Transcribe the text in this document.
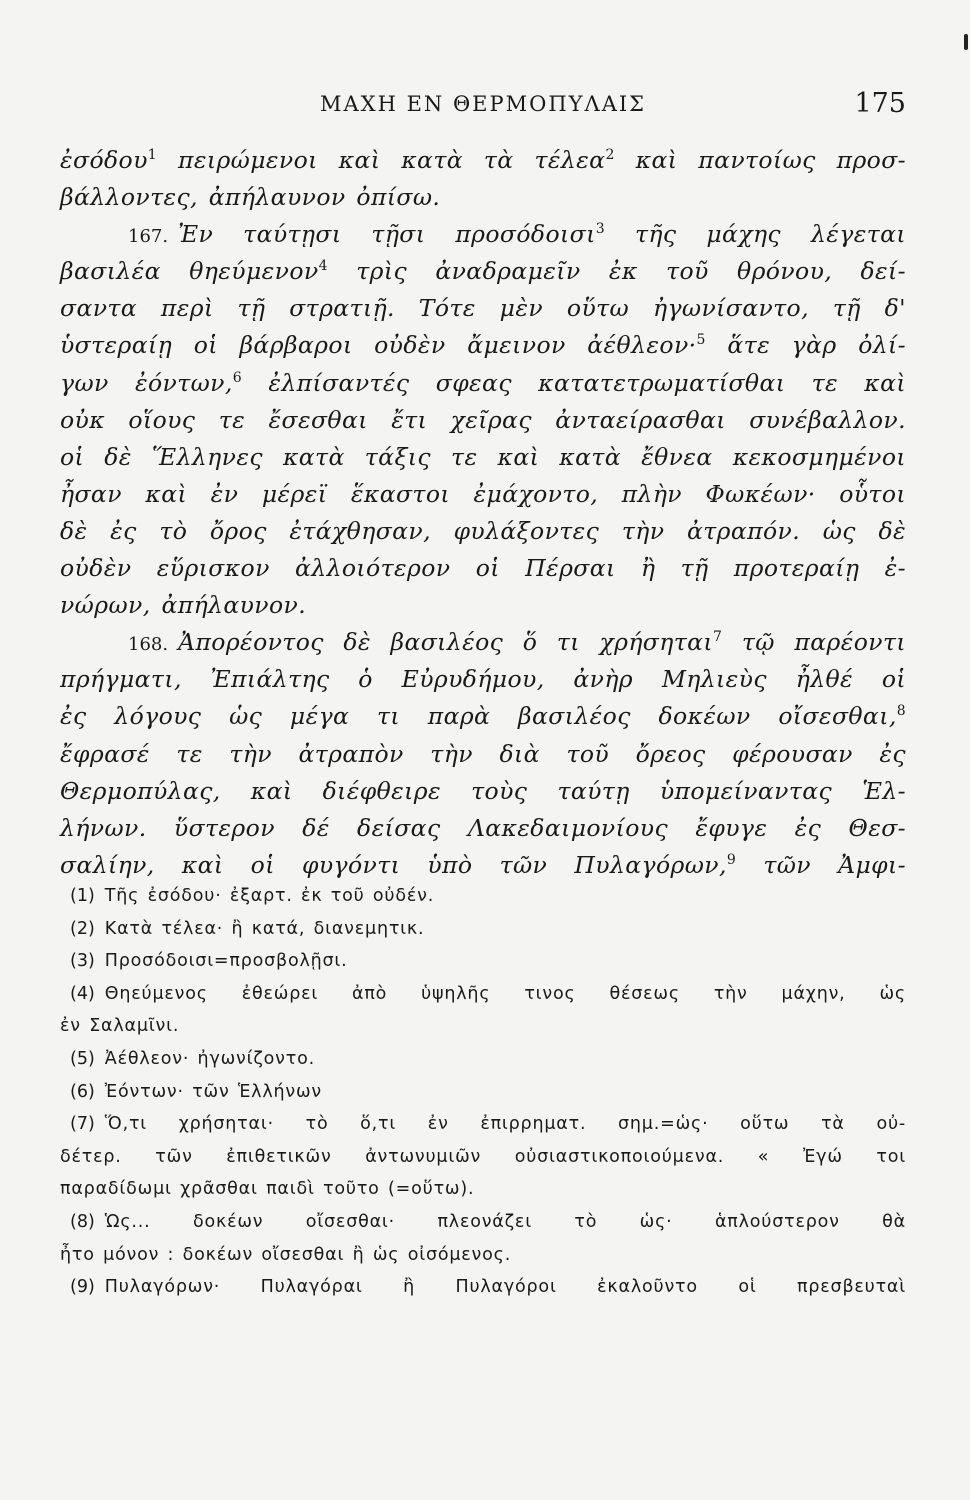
ΜΑΧΗ ΕΝ ΘΕΡΜΟΠΥΛΑΙΣ	175
ἐσόδου$^1$ πειρώμενοι καὶ κατὰ τὰ τέλεα$^2$ καὶ παντοίως προσ-
βάλλοντες, ἀπήλαυνον ὀπίσω.
167. Ἐν ταύτῃσι τῇσι προσόδοισι$^3$ τῆς μάχης λέγεται
βασιλέα θηεύμενον$^4$ τρὶς ἀναδραμεῖν ἐκ τοῦ θρόνου, δεί-
σαντα περὶ τῇ στρατιῇ. Τότε μὲν οὕτω ἠγωνίσαντο, τῇ δ'
ὑστεραίῃ οἱ βάρβαροι οὐδὲν ἄμεινον ἀέθλεον·$^5$ ἅτε γὰρ ὀλί-
γων ἐόντων,$^6$ ἐλπίσαντές σφεας κατατετρωματίσθαι τε καὶ
οὐκ οἵους τε ἔσεσθαι ἔτι χεῖρας ἀνταείρασθαι συνέβαλλον.
οἱ δὲ Ἕλληνες κατὰ τάξις τε καὶ κατὰ ἔθνεα κεκοσμημένοι
ἦσαν καὶ ἐν μέρεϊ ἕκαστοι ἐμάχοντο, πλὴν Φωκέων· οὗτοι
δὲ ἐς τὸ ὄρος ἐτάχθησαν, φυλάξοντες τὴν ἀτραπόν. ὡς δὲ
οὐδὲν εὕρισκον ἀλλοιότερον οἱ Πέρσαι ἢ τῇ προτεραίῃ ἐ-
νώρων, ἀπήλαυνον.
168. Ἀπορέοντος δὲ βασιλέος ὅ τι χρήσηται$^7$ τῷ παρέοντι
πρήγματι, Ἐπιάλτης ὁ Εὐρυδήμου, ἀνὴρ Μηλιεὺς ἦλθέ οἱ
ἐς λόγους ὡς μέγα τι παρὰ βασιλέος δοκέων οἴσεσθαι,$^8$
ἔφρασέ τε τὴν ἀτραπὸν τὴν διὰ τοῦ ὄρεος φέρουσαν ἐς
Θερμοπύλας, καὶ διέφθειρε τοὺς ταύτῃ ὑπομείναντας Ἑλ-
λήνων. ὕστερον δέ δείσας Λακεδαιμονίους ἔφυγε ἐς Θεσ-
σαλίην, καὶ οἱ φυγόντι ὑπὸ τῶν Πυλαγόρων,$^9$ τῶν Ἀμφι-
(1) Τῆς ἐσόδου· ἐξαρτ. ἐκ τοῦ οὐδέν.
(2) Κατὰ τέλεα· ἢ κατά, διανεμητικ.
(3) Προσόδοισι=προσβολῇσι.
(4) Θηεύμενος ἐθεώρει ἀπὸ ὑψηλῆς τινος θέσεως τὴν μάχην, ὡς
ἐν Σαλαμῖνι.
(5) Ἀέθλεον· ἠγωνίζοντο.
(6) Ἐόντων· τῶν Ἑλλήνων
(7) Ὅ,τι χρήσηται· τὸ ὅ,τι ἐν ἐπιρρηματ. σημ.=ὡς· οὕτω τὰ οὐ-
δέτερ. τῶν ἐπιθετικῶν ἀντωνυμιῶν οὐσιαστικοποιούμενα. « Ἐγώ τοι
παραδίδωμι χρᾶσθαι παιδὶ τοῦτο (=οὕτω).
(8) Ὡς... δοκέων οἴσεσθαι· πλεονάζει τὸ ὡς· ἁπλούστερον θὰ
ἦτο μόνον : δοκέων οἴσεσθαι ἢ ὡς οἰσόμενος.
(9) Πυλαγόρων· Πυλαγόραι ἢ Πυλαγόροι ἐκαλοῦντο οἱ πρεσβευταὶ
